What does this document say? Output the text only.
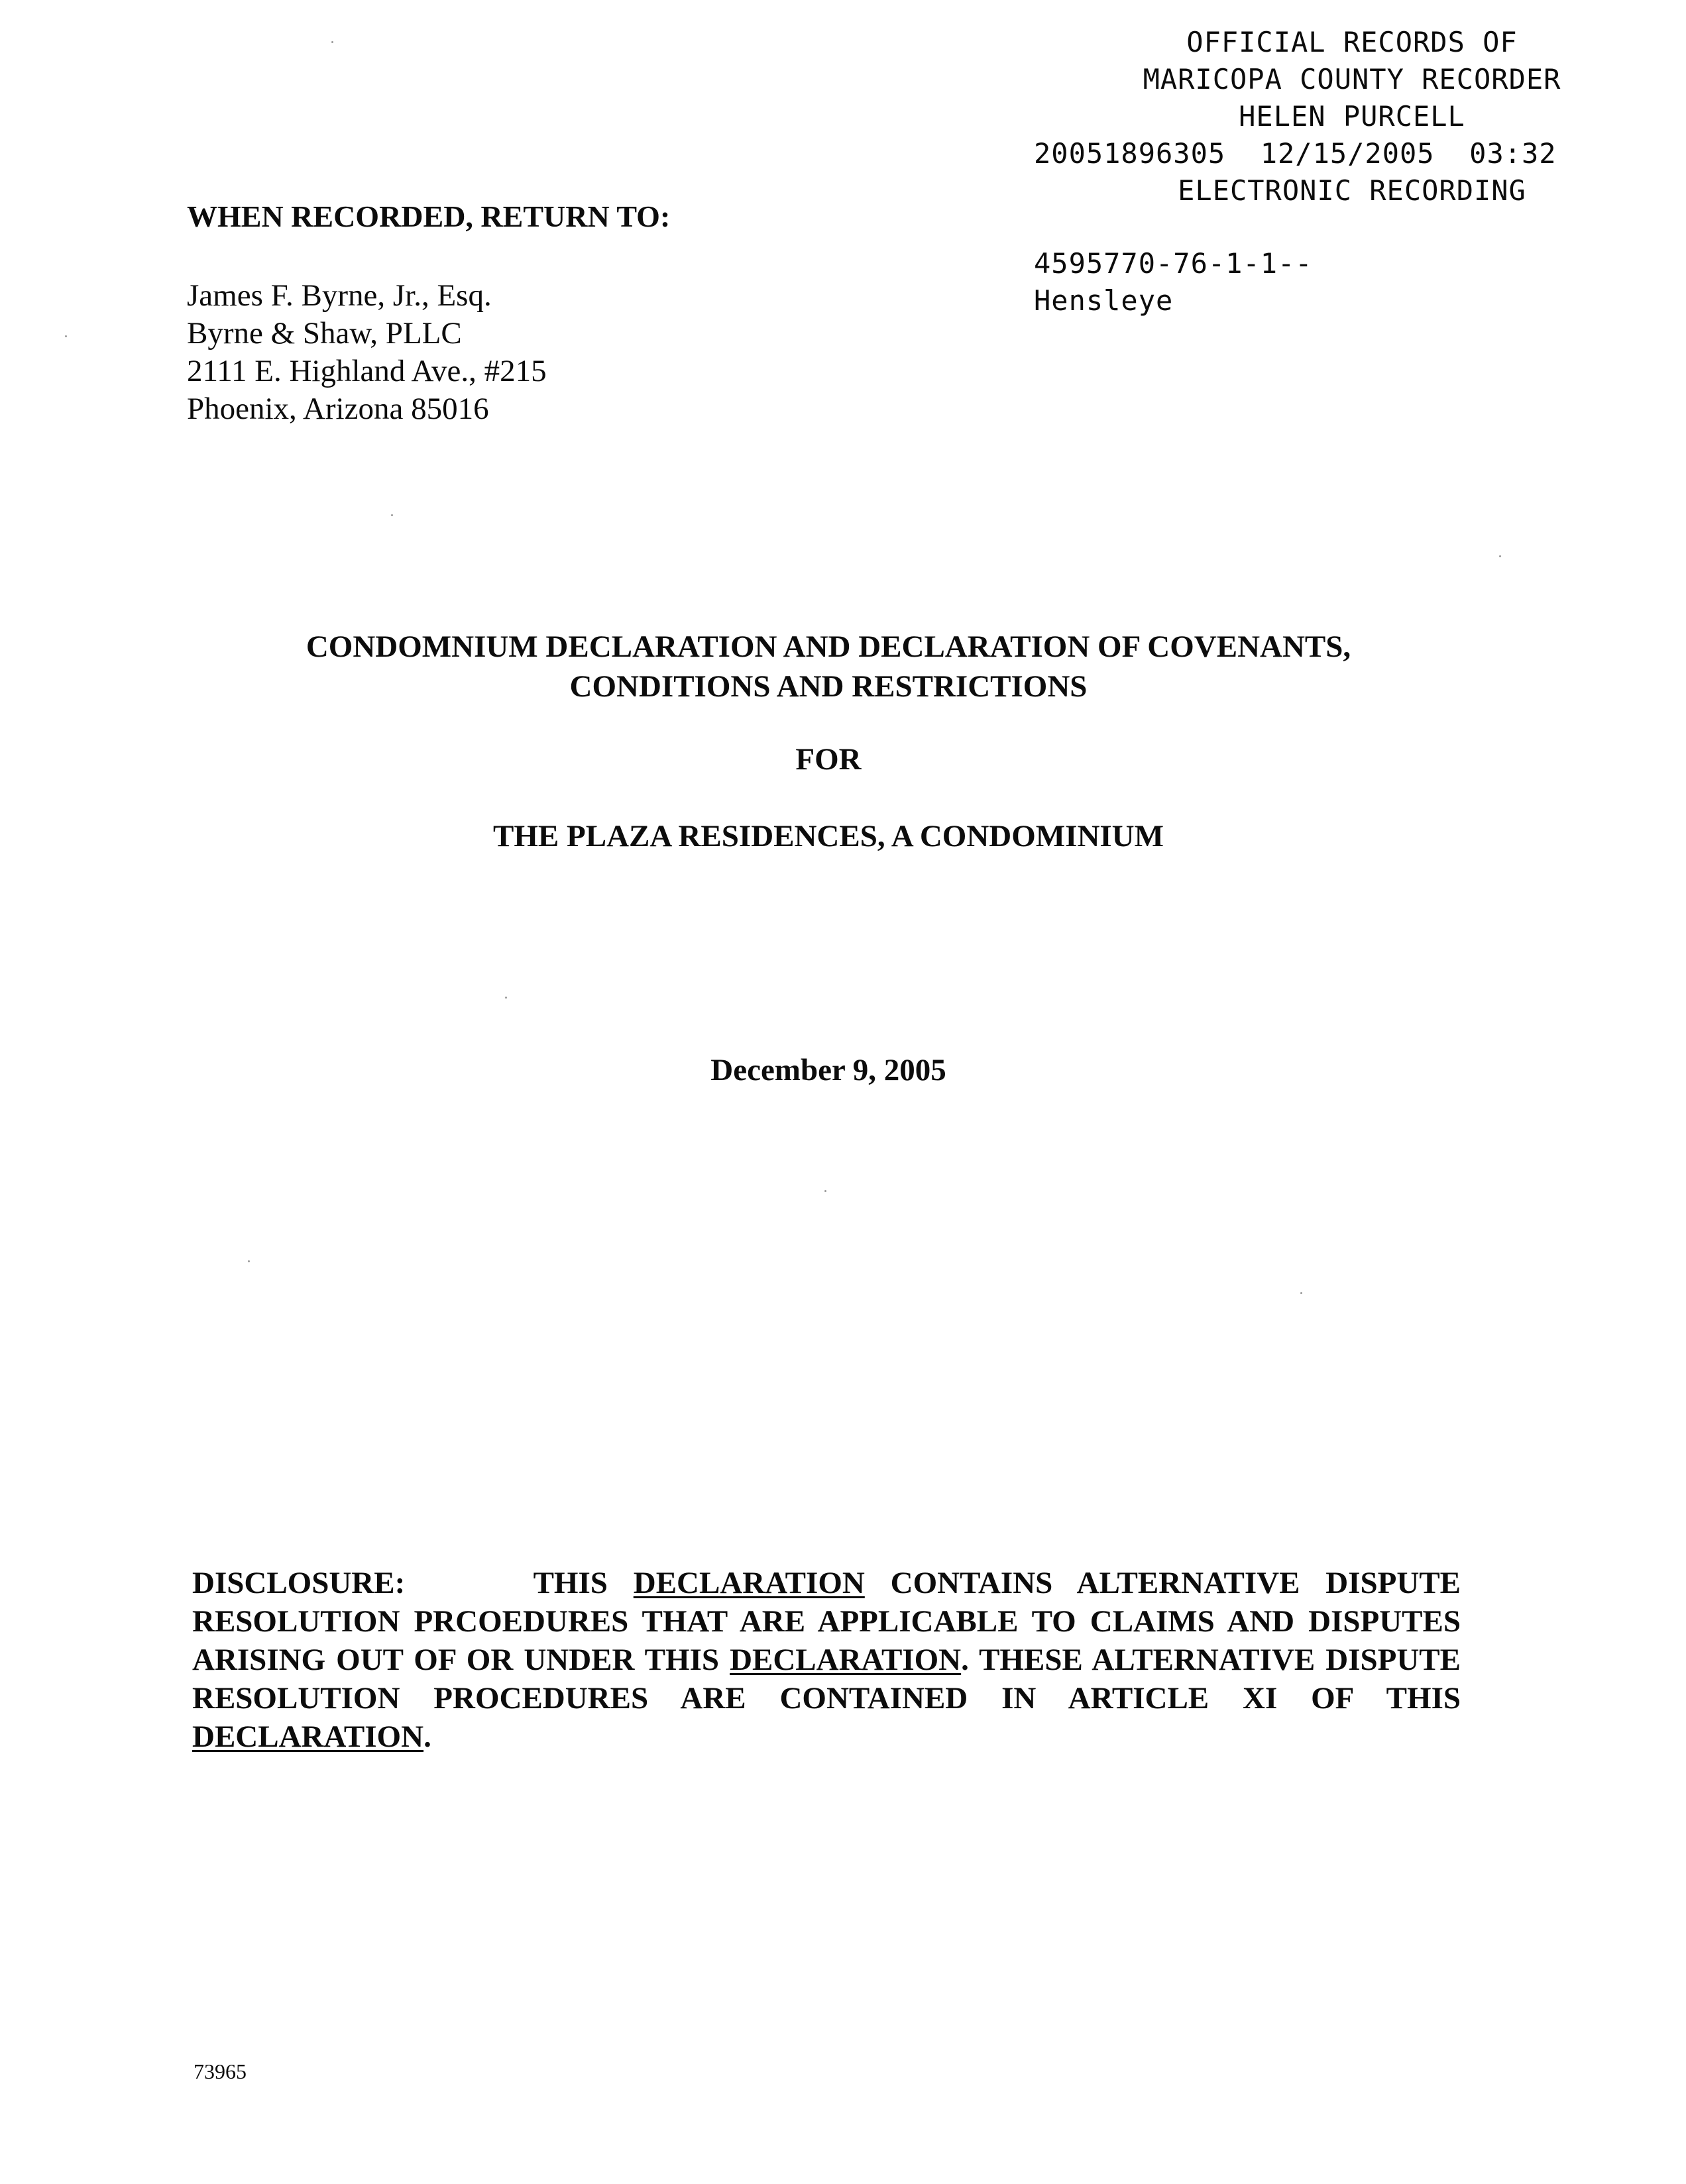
OFFICIAL RECORDS OF
MARICOPA COUNTY RECORDER
HELEN PURCELL
20051896305  12/15/2005  03:32
ELECTRONIC RECORDING
4595770-76-1-1--
Hensleye
WHEN RECORDED, RETURN TO:
James F. Byrne, Jr., Esq.
Byrne & Shaw, PLLC
2111 E. Highland Ave., #215
Phoenix, Arizona 85016
CONDOMNIUM DECLARATION AND DECLARATION OF COVENANTS,
CONDITIONS AND RESTRICTIONS
FOR
THE PLAZA RESIDENCES, A CONDOMINIUM
December 9, 2005
DISCLOSURE:	THIS DECLARATION CONTAINS ALTERNATIVE DISPUTE RESOLUTION PRCOEDURES THAT ARE APPLICABLE TO CLAIMS AND DISPUTES ARISING OUT OF OR UNDER THIS DECLARATION. THESE ALTERNATIVE DISPUTE RESOLUTION PROCEDURES ARE CONTAINED IN ARTICLE XI OF THIS DECLARATION.
73965
